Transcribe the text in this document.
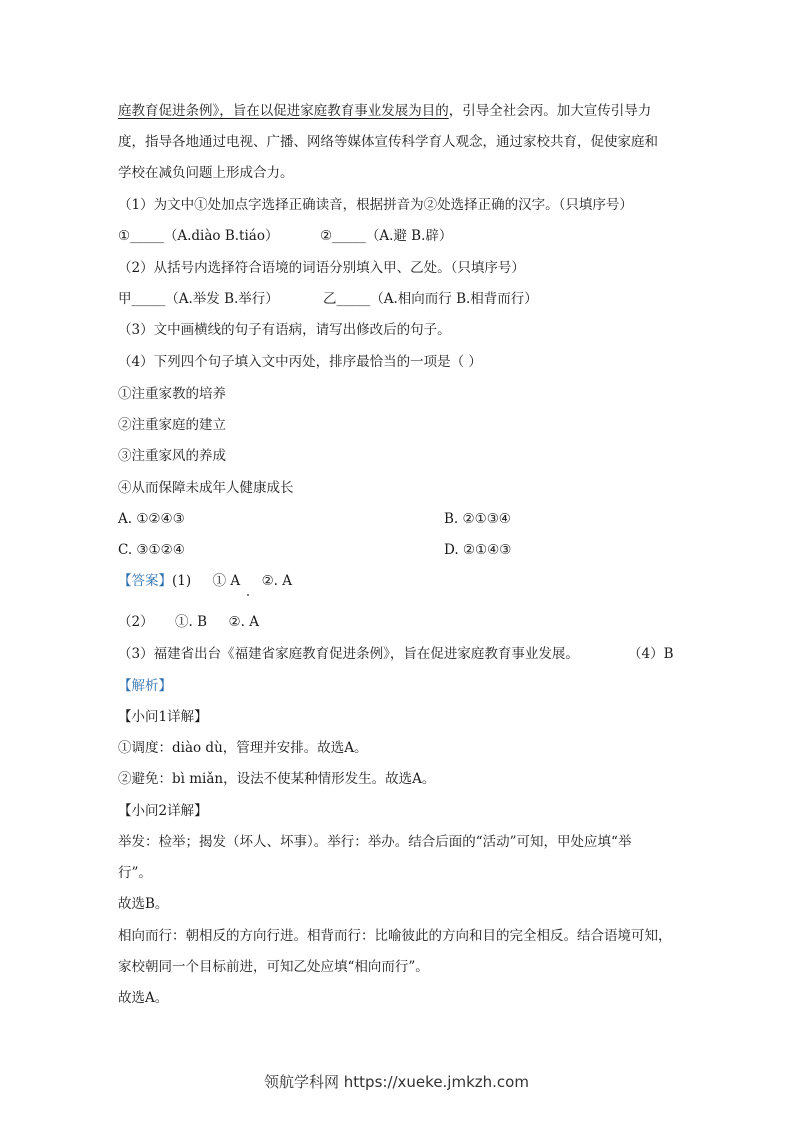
庭教育促进条例》，旨在以促进家庭教育事业发展为目的，引导全社会丙。加大宣传引导力
度，指导各地通过电视、广播、网络等媒体宣传科学育人观念，通过家校共育，促使家庭和
学校在减负问题上形成合力。
（1）为文中①处加点字选择正确读音，根据拼音为②处选择正确的汉字。（只填序号）
①_____（A.diào B.tiáo）	②_____（A.避 B.辟）
（2）从括号内选择符合语境的词语分别填入甲、乙处。（只填序号）
甲_____（A.举发 B.举行）	乙_____（A.相向而行 B.相背而行）
（3）文中画横线的句子有语病，请写出修改后的句子。
（4）下列四个句子填入文中丙处，排序最恰当的一项是（ ）
①注重家教的培养
②注重家庭的建立
③注重家风的养成
④从而保障未成年人健康成长
A. ①②④③	B. ②①③④
C. ③①②④	D. ②①④③
【答案】(1)     ① A     ②. A
（2）     ①. B     ②. A
（3）福建省出台《福建省家庭教育促进条例》，旨在促进家庭教育事业发展。	（4）B
【解析】
【小问1详解】
①调度：diào dù，管理并安排。故选A。
②避免：bì miǎn，设法不使某种情形发生。故选A。
【小问2详解】
举发：检举；揭发（坏人、坏事）。举行：举办。结合后面的“活动”可知，甲处应填“举
行”。
故选B。
相向而行：朝相反的方向行进。相背而行：比喻彼此的方向和目的完全相反。结合语境可知，
家校朝同一个目标前进，可知乙处应填“相向而行”。
故选A。
领航学科网 https://xueke.jmkzh.com
